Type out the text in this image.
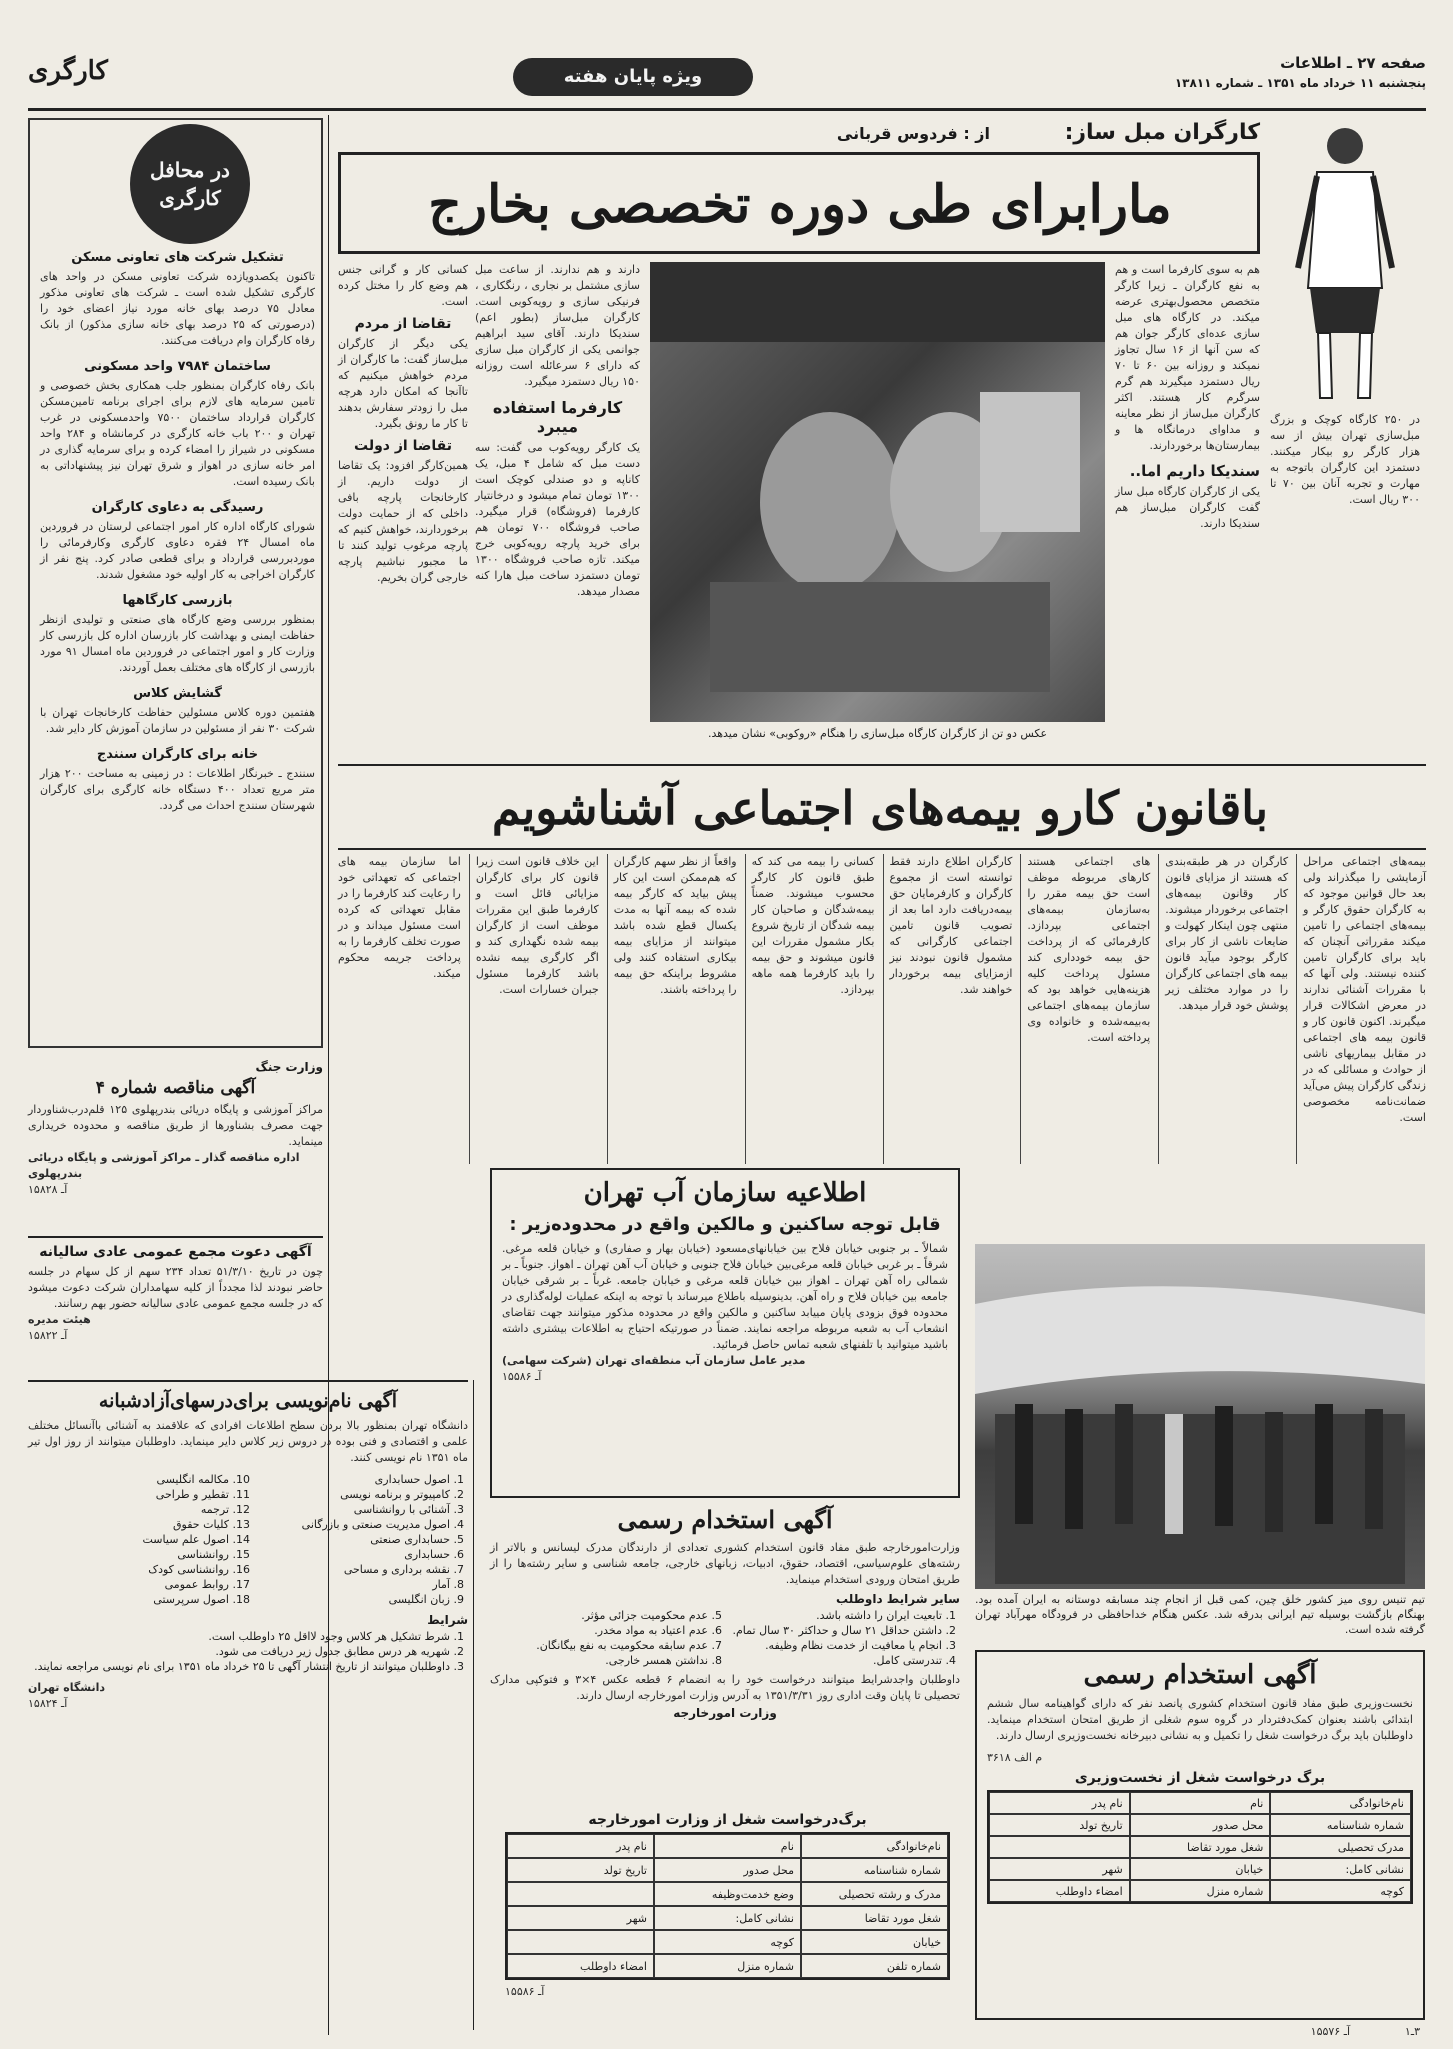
صفحه ۲۷ ـ اطلاعات
پنجشنبه ۱۱ خرداد ماه ۱۳۵۱ ـ شماره ۱۳۸۱۱
ویژه پایان هفته
کارگری
در محافل کارگری
تشکیل شرکت های تعاونی مسکن
تاکنون یکصدویازده شرکت تعاونی مسکن در واحد های کارگری تشکیل شده است ـ شرکت های تعاونی مذکور معادل ۷۵ درصد بهای خانه مورد نیاز اعضای خود را (درصورتی که ۲۵ درصد بهای خانه‌ سازی مذکور) از بانک رفاه کارگران وام دریافت می‌کنند.
ساختمان ۷۹۸۴ واحد مسکونی
بانک رفاه کارگران بمنظور جلب همکاری بخش خصوصی و تامین سرمایه های لازم برای اجرای برنامه تامین‌مسکن کارگران قرارداد ساختمان ۷۵۰۰ واحدمسکونی در غرب تهران و ۲۰۰ باب خانه کارگری در کرمانشاه و ۲۸۴ واحد مسکونی در شیراز را امضاء کرده و برای سرمایه گذاری در امر خانه سازی در اهواز و شرق تهران نیز پیشنهاداتی به بانک رسیده است.
رسیدگی به دعاوی کارگران
شورای کارگاه اداره کار امور اجتماعی لرستان در فروردین ماه امسال ۲۴ فقره دعاوی کارگری وکارفرمائی را موردبررسی قرارداد و برای قطعی صادر کرد. پنج نفر از کارگران اخراجی به کار اولیه خود مشغول شدند.
بازرسی کارگاهها
بمنظور بررسی وضع کارگاه های صنعتی و تولیدی ازنظر حفاظت ایمنی و بهداشت کار بازرسان اداره کل بازرسی کار وزارت کار و امور اجتماعی در فروردین ماه امسال ۹۱ مورد بازرسی از کارگاه های مختلف بعمل آوردند.
گشایش کلاس
هفتمین دوره کلاس مسئولین حفاظت کارخانجات تهران با شرکت ۳۰ نفر از مسئولین در سازمان آموزش کار دایر شد.
خانه برای کارگران سنندج
سنندج ـ خبرنگار اطلاعات : در زمینی به مساحت ۲۰۰ هزار متر مربع تعداد ۴۰۰ دستگاه خانه کارگری برای کارگران شهرستان سنندج احداث می گردد.
وزارت جنگ
آگهی مناقصه شماره ۴
مراکز آموزشی و پایگاه دریائی بندرپهلوی ۱۲۵ قلم‌درب‌شناوردار جهت مصرف بشناورها از طریق مناقصه و محدوده خریداری مینماید.
اداره مناقصه گذار ـ مراکز آموزشی و پایگاه دریائی بندرپهلوی
آـ ۱۵۸۲۸
آگهی دعوت مجمع عمومی عادی سالیانه
چون در تاریخ ۵۱/۳/۱۰ تعداد ۲۳۴ سهم از کل سهام در جلسه حاضر نبودند لذا مجدداً از کلیه سهامداران شرکت دعوت میشود که در جلسه مجمع عمومی عادی سالیانه حضور بهم رسانند.
هیئت مدیره
آـ ۱۵۸۲۲
آگهی نام‌نویسی برای‌درسهای‌آزاد‌شبانه
دانشگاه تهران بمنظور بالا بردن سطح اطلاعات افرادی که علاقمند به آشنائی باآنسائل مختلف علمی و اقتصادی و فنی بوده در دروس زیر کلاس دایر مینماید. داوطلبان میتوانند از روز اول تیر ماه ۱۳۵۱ نام نویسی کنند.
1. اصول حسابداری
2. کامپیوتر و برنامه نویسی
3. آشنائی با روانشناسی
4. اصول مدیریت صنعتی و بازرگانی
5. حسابداری صنعتی
6. حسابداری
7. نقشه برداری و مساحی
8. آمار
9. زبان انگلیسی
10. مکالمه انگلیسی
11. تقطیر و طراحی
12. ترجمه
13. کلیات حقوق
14. اصول علم سیاست
15. روانشناسی
16. روانشناسی کودک
17. روابط عمومی
18. اصول سرپرستی
شرایط
1. شرط تشکیل هر کلاس وجود لااقل ۲۵ داوطلب است.
2. شهریه هر درس مطابق جدول زیر دریافت می شود.
3. داوطلبان میتوانند از تاریخ انتشار آگهی تا ۲۵ خرداد ماه ۱۳۵۱ برای نام نویسی مراجعه نمایند.
دانشگاه تهران
آـ ۱۵۸۲۴
مارابرای طی دوره تخصصی بخارج
کارگران مبل ساز:
از : فردوس قربانی
در ۲۵۰ کارگاه کوچک و بزرگ مبل‌سازی تهران بیش از سه هزار کارگر رو بیکار میکنند. دستمزد این کارگران باتوجه به مهارت و تجربه آنان بین ۷۰ تا ۳۰۰ ریال است.
هم به سوی کارفرما است و هم به نفع کارگران ـ زیرا کارگر متخصص محصول‌بهتری عرضه میکند. در کارگاه های مبل سازی عده‌ای کارگر جوان هم که سن آنها از ۱۶ سال تجاوز نمیکند و روزانه بین ۶۰ تا ۷۰ ریال دستمزد میگیرند هم گرم سرگرم کار هستند. اکثر کارگران مبل‌ساز از نظر معاینه و مداوای درمانگاه ها و بیمارستان‌ها برخوردارند.
سندیکا داریم اما..
یکی از کارگران کارگاه مبل ساز گفت کارگران مبل‌ساز هم سندیکا دارند.
عکس دو تن از کارگران کارگاه مبل‌سازی را هنگام «روکوبی» نشان میدهد.
دارند و هم ندارند. از ساعت مبل سازی مشتمل بر نجاری ، رنگکاری ، فرنیکی سازی و رویه‌کوبی است. کارگران مبل‌ساز (بطور اعم) سندیکا دارند. آقای سید ابراهیم جوانمی یکی از کارگران مبل سازی که دارای ۶ سرعائله است روزانه ۱۵۰ ریال دستمزد میگیرد.
کارفرما استفاده میبرد
یک کارگر رویه‌کوب می گفت: سه دست مبل که شامل ۴ مبل، یک کاناپه و دو صندلی کوچک است ۱۳۰۰ تومان تمام میشود و درخانتیار کارفرما (فروشگاه) قرار میگیرد. صاحب فروشگاه ۷۰۰ تومان هم برای خرید پارچه رویه‌کوبی خرج میکند. تازه صاحب فروشگاه ۱۳۰۰ تومان دستمزد ساخت مبل هارا کنه مصدار میدهد.
کسانی کار و گرانی جنس هم وضع کار را مختل کرده است.
تقاضا از مردم
یکی دیگر از کارگران مبل‌ساز گفت: ما کارگران از مردم خواهش میکنیم که تاآنجا که امکان دارد هرچه مبل را زودتر سفارش بدهند تا کار ما رونق بگیرد.
تقاضا از دولت
همین‌کارگر افزود: یک تقاضا از دولت داریم. از کارخانجات پارچه بافی داخلی که از حمایت دولت برخوردارند، خواهش کنیم که پارچه مرغوب تولید کنند تا ما مجبور نباشیم پارچه خارجی گران بخریم.
باقانون کارو بیمه‌های اجتماعی آشناشویم
بیمه‌های اجتماعی مراحل آزمایشی را میگذراند ولی بعد حال قوانین موجود که به کارگران حقوق کارگر و بیمه‌های اجتماعی را تامین میکند مقرراتی آنچنان که باید برای کارگران تامین کننده نیستند. ولی آنها که با مقررات آشنائی ندارند در معرض اشکالات قرار میگیرند. اکنون قانون کار و قانون بیمه های اجتماعی در مقابل بیماریهای ناشی از حوادث و مسائلی که در زندگی کارگران پیش می‌آید ضمانت‌نامه مخصوصی است.
کارگران در هر طبقه‌بندی که هستند از مزایای قانون کار وقانون بیمه‌های اجتماعی برخوردار میشوند. منتهی چون اینکار کهولت و ضایعات ناشی از کار برای کارگر بوجود میآید قانون بیمه های اجتماعی کارگران را در موارد مختلف زیر پوشش خود قرار میدهد.
های اجتماعی هستند کارهای مربوطه موظف است حق بیمه مقرر را به‌سازمان بیمه‌های اجتماعی بپردازد. کارفرمائی که از پرداخت حق بیمه خودداری کند مسئول پرداخت کلیه هزینه‌هایی خواهد بود که سازمان بیمه‌های اجتماعی به‌بیمه‌شده و خانواده وی پرداخته است.
کارگران اطلاع دارند فقط توانسته است از مجموع کارگران و کارفرمایان حق بیمه‌دریافت دارد اما بعد از تصویب قانون تامین اجتماعی کارگرانی که مشمول قانون نبودند نیز ازمزایای بیمه برخوردار خواهند شد.
کسانی را بیمه می کند که طبق قانون کار کارگر محسوب میشوند. ضمناً بیمه‌شدگان و صاحبان کار بیمه شدگان از تاریخ شروع بکار مشمول مقررات این قانون میشوند و حق بیمه را باید کارفرما همه ماهه بپردازد.
واقعاً از نظر سهم کارگران که هم‌ممکن است این کار پیش بیاید که کارگر بیمه شده که بیمه آنها به مدت یکسال قطع شده باشد میتوانند از مزایای بیمه بیکاری استفاده کنند ولی مشروط براینکه حق بیمه را پرداخته باشند.
این خلاف قانون است زیرا قانون کار برای کارگران مزایائی قائل است و کارفرما طبق این مقررات موظف است از کارگران بیمه شده نگهداری کند و اگر کارگری بیمه نشده باشد کارفرما مسئول جبران خسارات است.
اما سازمان بیمه های اجتماعی که تعهداتی خود را رعایت کند کارفرما را در مقابل تعهداتی که کرده است مسئول میداند و در صورت تخلف کارفرما را به پرداخت جریمه محکوم میکند.
اطلاعیه سازمان آب تهران
قابل توجه ساکنین و مالکین واقع در محدوده‌زیر :
شمالاً ـ بر جنوبی خیابان فلاح بین خیابانهای‌مسعود (خیابان بهار و صفاری) و خیابان قلعه مرغی. شرقاً ـ بر غربی خیابان قلعه مرغی‌بین خیابان فلاح جنوبی و خیابان آب آهن تهران ـ اهواز. جنوباً ـ بر شمالی راه آهن تهران ـ اهواز بین خیابان قلعه مرغی و خیابان جامعه. غرباً ـ بر شرقی خیابان جامعه بین خیابان فلاح و راه آهن. بدینوسیله باطلاع میرساند با توجه به اینکه عملیات لوله‌گذاری در محدوده فوق بزودی پایان مییابد ساکنین و مالکین واقع در محدوده مذکور میتوانند جهت تقاضای انشعاب آب به شعبه مربوطه مراجعه نمایند. ضمناً در صورتیکه احتیاج به اطلاعات بیشتری داشته باشید میتوانید با تلفنهای شعبه تماس حاصل فرمائید.
مدیر عامل سازمان آب منطقه‌ای تهران (شرکت سهامی)
آـ ۱۵۵۸۶
تیم تنیس روی میز کشور خلق چین، کمی قبل از انجام چند مسابقه دوستانه به ایران آمده بود. بهنگام بازگشت بوسیله تیم ایرانی بدرقه شد. عکس هنگام خداحافظی در فرودگاه مهرآباد تهران گرفته شده است.
آگهی استخدام رسمی
وزارت‌امورخارجه طبق مفاد قانون استخدام کشوری تعدادی از دارندگان مدرک لیسانس و بالاتر از رشته‌های علوم‌سیاسی، اقتصاد، حقوق، ادبیات، زبانهای خارجی، جامعه شناسی و سایر رشته‌ها را از طریق امتحان ورودی استخدام مینماید.
سایر شرایط داوطلب
1. تابعیت ایران را داشته باشد.
2. داشتن حداقل ۲۱ سال و حداکثر ۳۰ سال تمام.
3. انجام یا معافیت از خدمت نظام وظیفه.
4. تندرستی کامل.
5. عدم محکومیت جزائی مؤثر.
6. عدم اعتیاد به مواد مخدر.
7. عدم سابقه محکومیت به نفع بیگانگان.
8. نداشتن همسر خارجی.
داوطلبان واجدشرایط میتوانند درخواست خود را به انضمام ۶ قطعه عکس ۴×۳ و فتوکپی مدارک تحصیلی تا پایان وقت اداری روز ۱۳۵۱/۳/۳۱ به آدرس وزارت امورخارجه ارسال دارند.
وزارت امورخارجه
برگ‌درخواست شغل از وزارت امورخارجه
نام‌خانوادگی
نام
نام پدر
شماره شناسنامه
محل صدور
تاریخ تولد
مدرک و رشته تحصیلی
وضع خدمت‌وظیفه
شغل مورد تقاضا
نشانی کامل:
شهر
خیابان
کوچه
شماره تلفن
شماره منزل
امضاء داوطلب
آـ ۱۵۵۸۶
آگهی استخدام رسمی
نخست‌وزیری طبق مفاد قانون استخدام کشوری پانصد نفر که دارای گواهینامه سال ششم ابتدائی باشند بعنوان کمک‌دفتردار در گروه سوم شغلی از طریق امتحان استخدام مینماید. داوطلبان باید برگ درخواست شغل را تکمیل و به نشانی دبیرخانه نخست‌وزیری ارسال دارند.
م الف ۳۶۱۸
برگ درخواست شغل از نخست‌وزیری
نام‌خانوادگی
نام
نام پدر
شماره شناسنامه
محل صدور
تاریخ تولد
مدرک تحصیلی
شغل مورد تقاضا
نشانی کامل:
خیابان
شهر
کوچه
شماره منزل
امضاء داوطلب
آـ ۱۵۵۷۶	۳ـ۱
